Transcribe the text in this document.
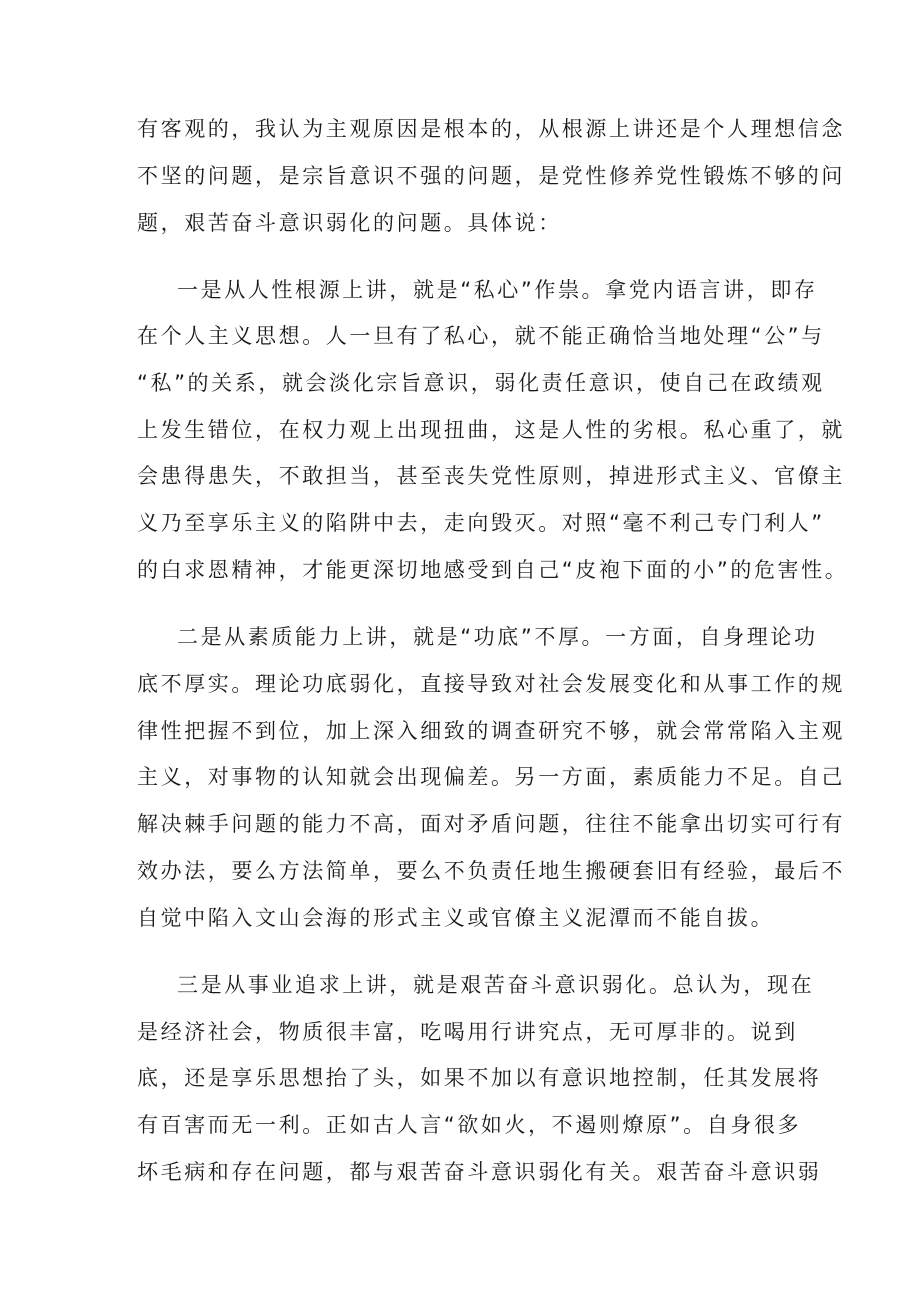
有客观的，我认为主观原因是根本的，从根源上讲还是个人理想信念
不坚的问题，是宗旨意识不强的问题，是党性修养党性锻炼不够的问
题，艰苦奋斗意识弱化的问题。具体说：
一是从人性根源上讲，就是“私心”作祟。拿党内语言讲，即存
在个人主义思想。人一旦有了私心，就不能正确恰当地处理“公”与
“私”的关系，就会淡化宗旨意识，弱化责任意识，使自己在政绩观
上发生错位，在权力观上出现扭曲，这是人性的劣根。私心重了，就
会患得患失，不敢担当，甚至丧失党性原则，掉进形式主义、官僚主
义乃至享乐主义的陷阱中去，走向毁灭。对照“毫不利己专门利人”
的白求恩精神，才能更深切地感受到自己“皮袍下面的小”的危害性。
二是从素质能力上讲，就是“功底”不厚。一方面，自身理论功
底不厚实。理论功底弱化，直接导致对社会发展变化和从事工作的规
律性把握不到位，加上深入细致的调查研究不够，就会常常陷入主观
主义，对事物的认知就会出现偏差。另一方面，素质能力不足。自己
解决棘手问题的能力不高，面对矛盾问题，往往不能拿出切实可行有
效办法，要么方法简单，要么不负责任地生搬硬套旧有经验，最后不
自觉中陷入文山会海的形式主义或官僚主义泥潭而不能自拔。
三是从事业追求上讲，就是艰苦奋斗意识弱化。总认为，现在
是经济社会，物质很丰富，吃喝用行讲究点，无可厚非的。说到
底，还是享乐思想抬了头，如果不加以有意识地控制，任其发展将
有百害而无一利。正如古人言“欲如火，不遏则燎原”。自身很多
坏毛病和存在问题，都与艰苦奋斗意识弱化有关。艰苦奋斗意识弱
